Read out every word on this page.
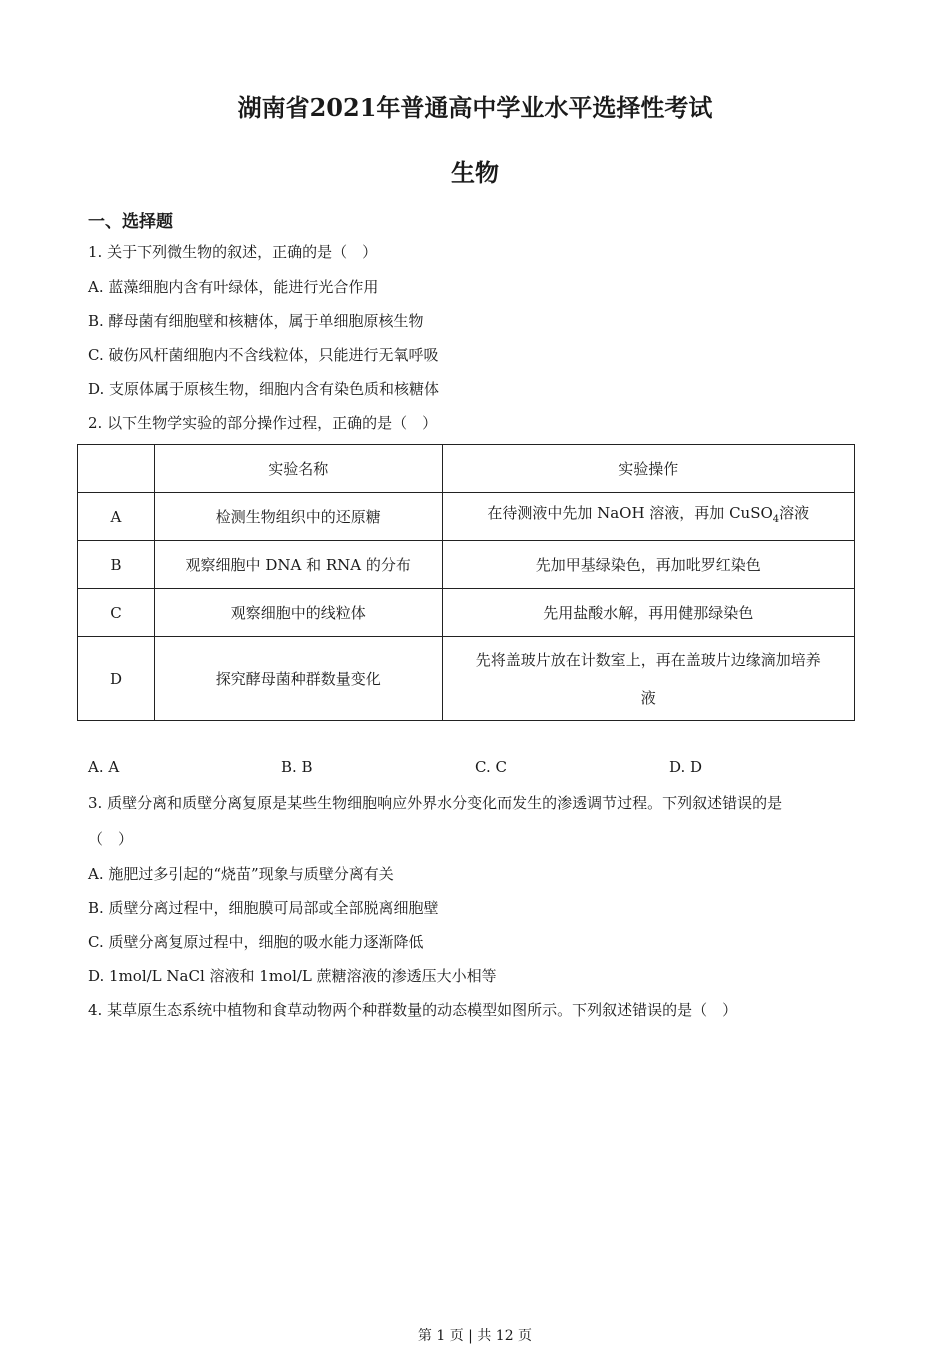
湖南省2021年普通高中学业水平选择性考试
生物
一、选择题
1. 关于下列微生物的叙述，正确的是（　）
A. 蓝藻细胞内含有叶绿体，能进行光合作用
B. 酵母菌有细胞壁和核糖体，属于单细胞原核生物
C. 破伤风杆菌细胞内不含线粒体，只能进行无氧呼吸
D. 支原体属于原核生物，细胞内含有染色质和核糖体
2. 以下生物学实验的部分操作过程，正确的是（　）
	实验名称	实验操作
A	检测生物组织中的还原糖	在待测液中先加 NaOH 溶液，再加 CuSO$_4$溶液
B	观察细胞中 DNA 和 RNA 的分布	先加甲基绿染色，再加吡罗红染色
C	观察细胞中的线粒体	先用盐酸水解，再用健那绿染色
D	探究酵母菌种群数量变化	先将盖玻片放在计数室上，再在盖玻片边缘滴加培养液
A. A	B. B	C. C	D. D
3. 质壁分离和质壁分离复原是某些生物细胞响应外界水分变化而发生的渗透调节过程。下列叙述错误的是
（　）
A. 施肥过多引起的“烧苗”现象与质壁分离有关
B. 质壁分离过程中，细胞膜可局部或全部脱离细胞壁
C. 质壁分离复原过程中，细胞的吸水能力逐渐降低
D. 1mol/L NaCl 溶液和 1mol/L 蔗糖溶液的渗透压大小相等
4. 某草原生态系统中植物和食草动物两个种群数量的动态模型如图所示。下列叙述错误的是（　）
第 1 页 | 共 12 页
